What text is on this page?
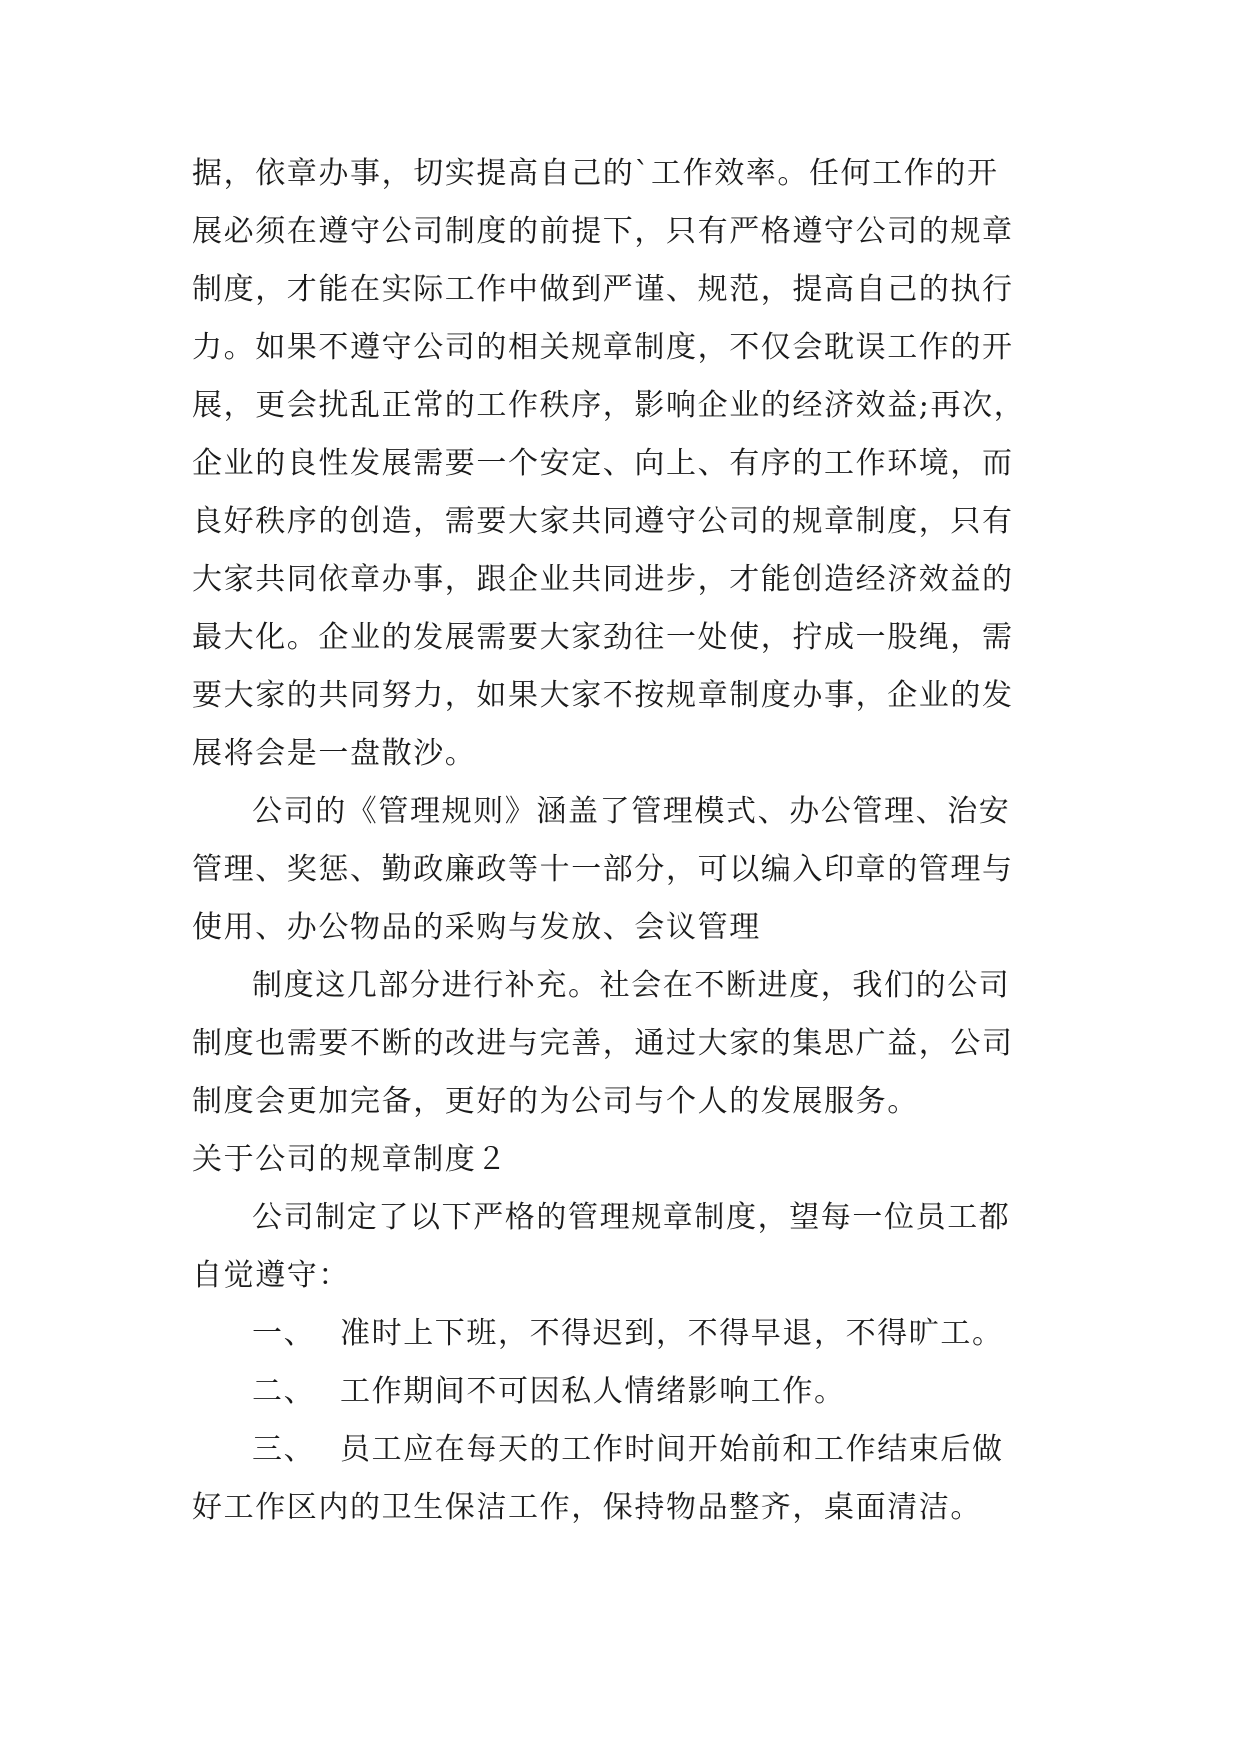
据，依章办事，切实提高自己的`工作效率。任何工作的开
展必须在遵守公司制度的前提下，只有严格遵守公司的规章
制度，才能在实际工作中做到严谨、规范，提高自己的执行
力。如果不遵守公司的相关规章制度，不仅会耽误工作的开
展，更会扰乱正常的工作秩序，影响企业的经济效益;再次，
企业的良性发展需要一个安定、向上、有序的工作环境，而
良好秩序的创造，需要大家共同遵守公司的规章制度，只有
大家共同依章办事，跟企业共同进步，才能创造经济效益的
最大化。企业的发展需要大家劲往一处使，拧成一股绳，需
要大家的共同努力，如果大家不按规章制度办事，企业的发
展将会是一盘散沙。
公司的《管理规则》涵盖了管理模式、办公管理、治安
管理、奖惩、勤政廉政等十一部分，可以编入印章的管理与
使用、办公物品的采购与发放、会议管理
制度这几部分进行补充。社会在不断进度，我们的公司
制度也需要不断的改进与完善，通过大家的集思广益，公司
制度会更加完备，更好的为公司与个人的发展服务。
关于公司的规章制度２
公司制定了以下严格的管理规章制度，望每一位员工都
自觉遵守：
一、 准时上下班，不得迟到，不得早退，不得旷工。
二、 工作期间不可因私人情绪影响工作。
三、 员工应在每天的工作时间开始前和工作结束后做
好工作区内的卫生保洁工作，保持物品整齐，桌面清洁。
